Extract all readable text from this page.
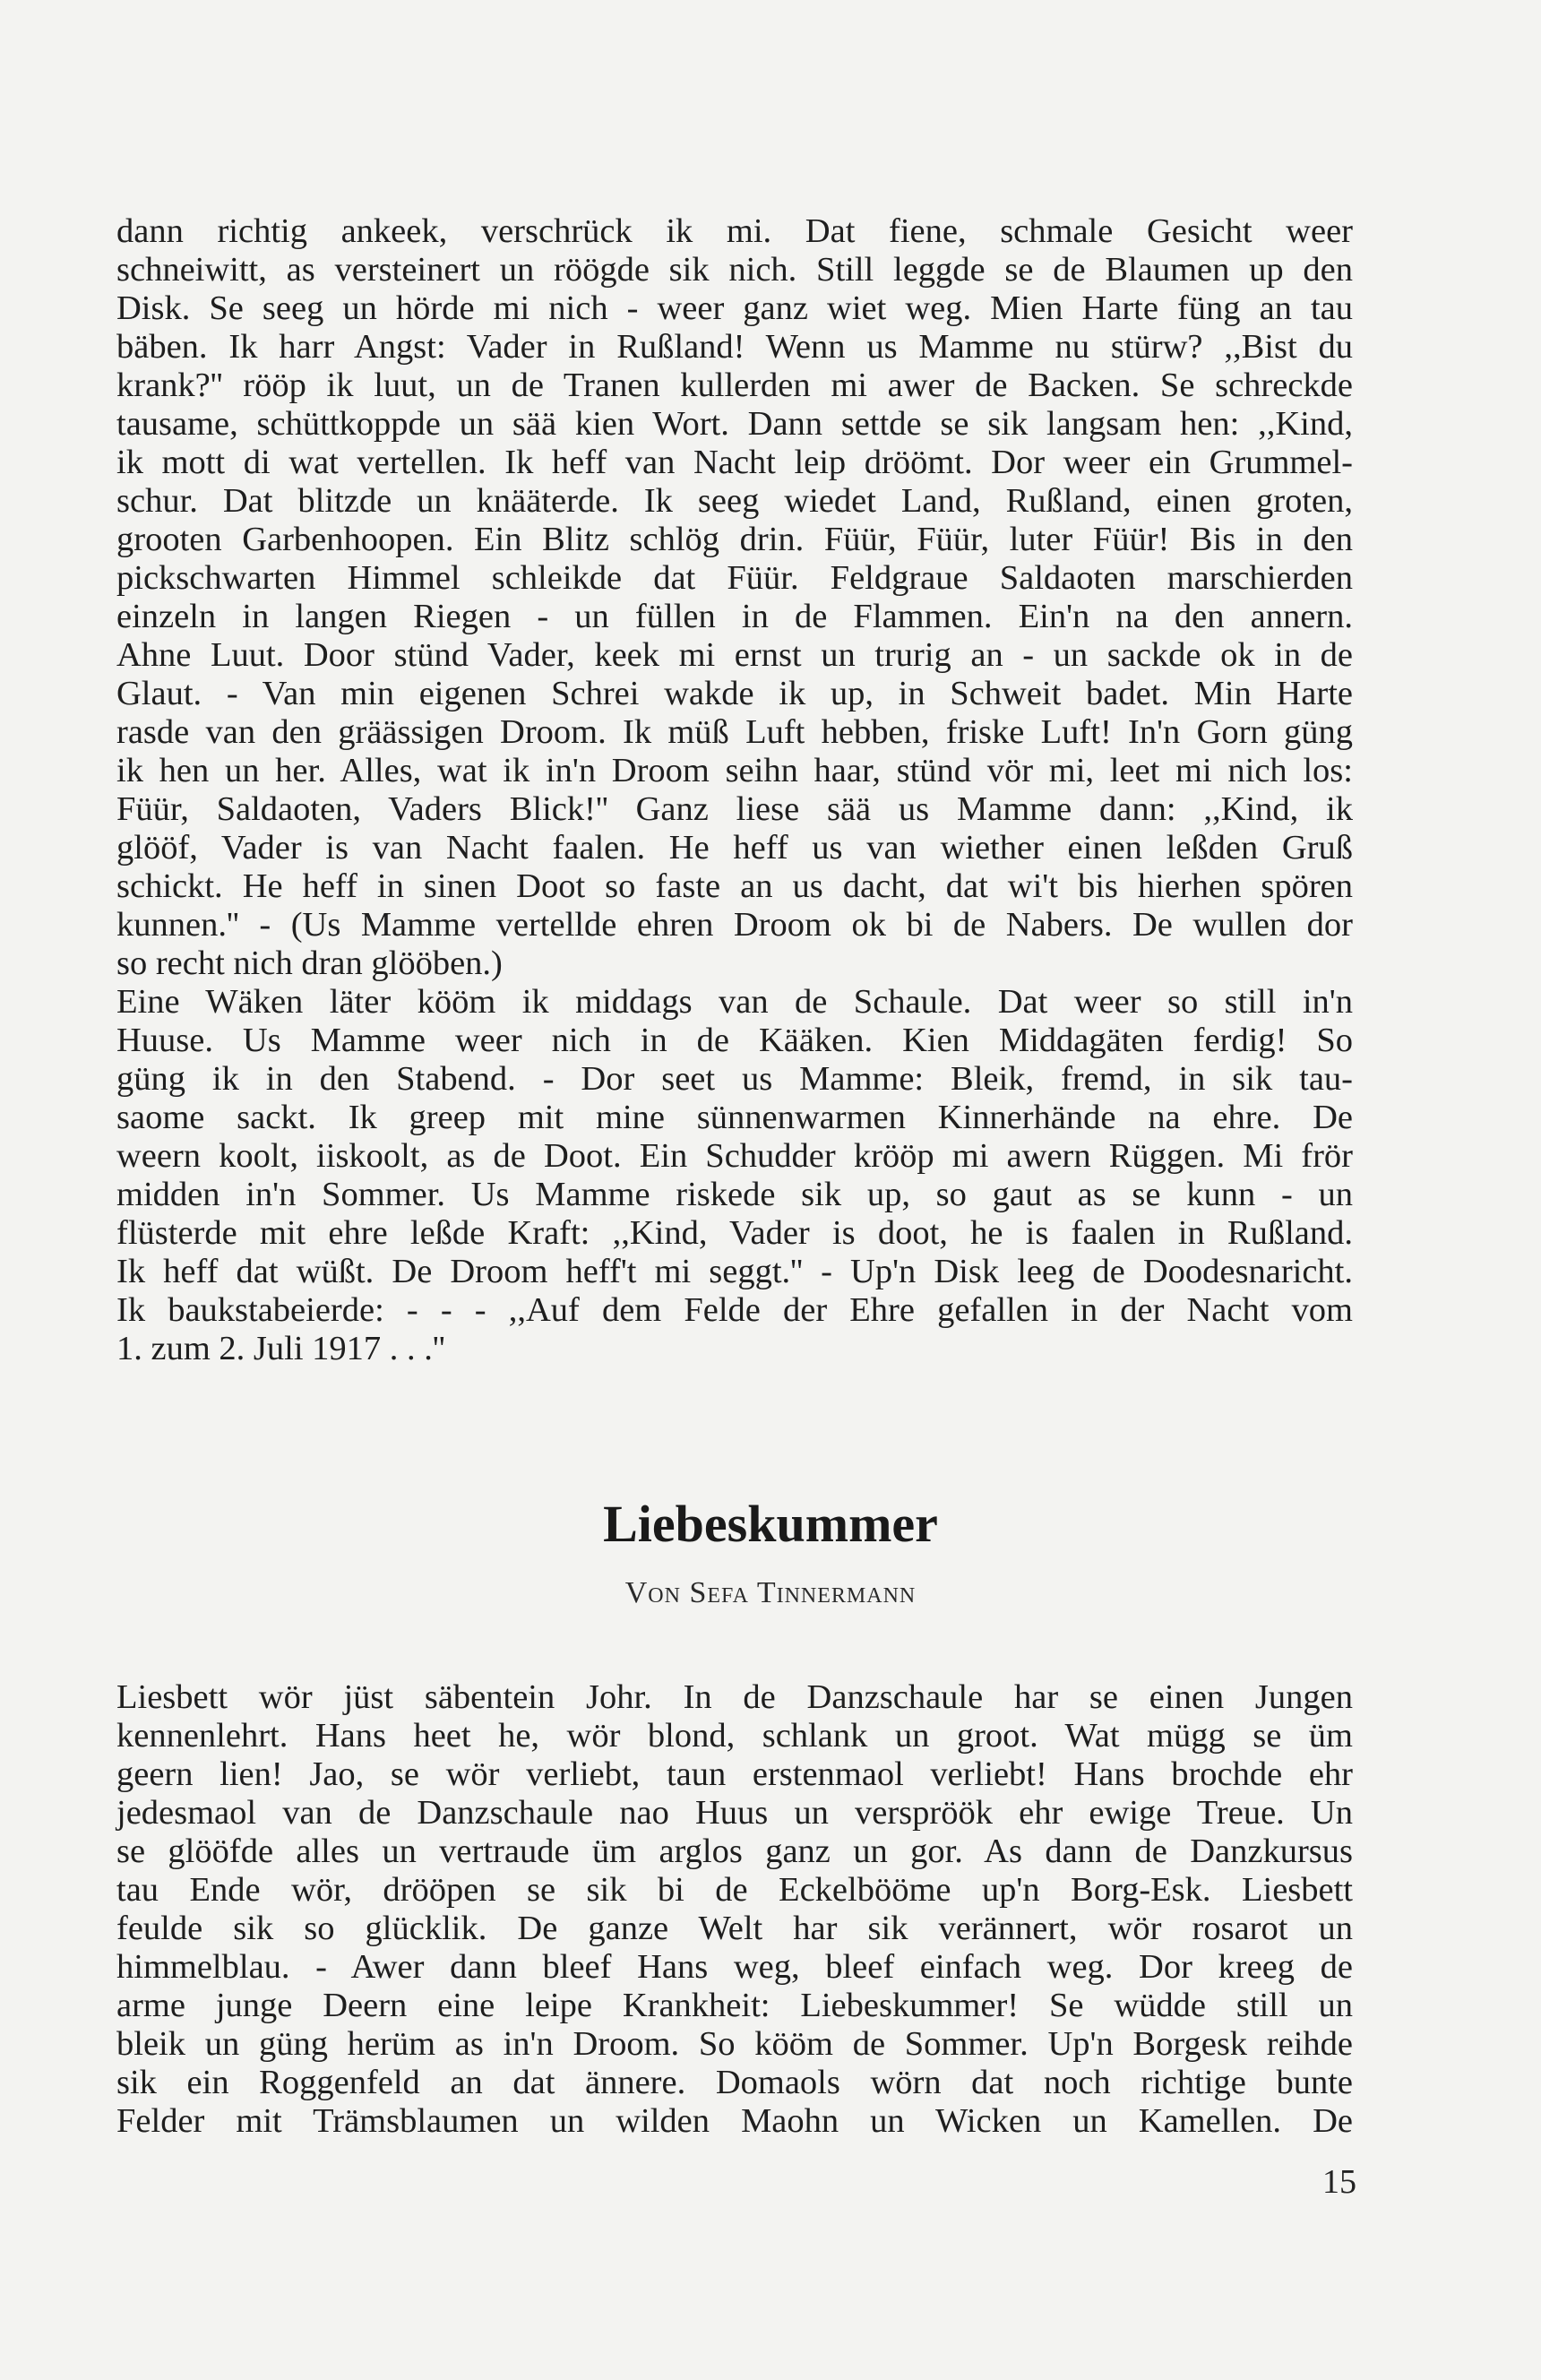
dann richtig ankeek, verschrück ik mi. Dat fiene, schmale Gesicht weer
schneiwitt, as versteinert un röögde sik nich. Still leggde se de Blaumen up den
Disk. Se seeg un hörde mi nich - weer ganz wiet weg. Mien Harte füng an tau
bäben. Ik harr Angst: Vader in Rußland! Wenn us Mamme nu stürw? ,,Bist du
krank?'' rööp ik luut, un de Tranen kullerden mi awer de Backen. Se schreckde
tausame, schüttkoppde un sää kien Wort. Dann settde se sik langsam hen: ,,Kind,
ik mott di wat vertellen. Ik heff van Nacht leip dröömt. Dor weer ein Grummel-
schur. Dat blitzde un knääterde. Ik seeg wiedet Land, Rußland, einen groten,
grooten Garbenhoopen. Ein Blitz schlög drin. Füür, Füür, luter Füür! Bis in den
pickschwarten Himmel schleikde dat Füür. Feldgraue Saldaoten marschierden
einzeln in langen Riegen - un füllen in de Flammen. Ein'n na den annern.
Ahne Luut. Door stünd Vader, keek mi ernst un trurig an - un sackde ok in de
Glaut. - Van min eigenen Schrei wakde ik up, in Schweit badet. Min Harte
rasde van den gräässigen Droom. Ik müß Luft hebben, friske Luft! In'n Gorn güng
ik hen un her. Alles, wat ik in'n Droom seihn haar, stünd vör mi, leet mi nich los:
Füür, Saldaoten, Vaders Blick!'' Ganz liese sää us Mamme dann: ,,Kind, ik
glööf, Vader is van Nacht faalen. He heff us van wiether einen leßden Gruß
schickt. He heff in sinen Doot so faste an us dacht, dat wi't bis hierhen spören
kunnen.'' - (Us Mamme vertellde ehren Droom ok bi de Nabers. De wullen dor
so recht nich dran glööben.)
Eine Wäken läter kööm ik middags van de Schaule. Dat weer so still in'n
Huuse. Us Mamme weer nich in de Kääken. Kien Middagäten ferdig! So
güng ik in den Stabend. - Dor seet us Mamme: Bleik, fremd, in sik tau-
saome sackt. Ik greep mit mine sünnenwarmen Kinnerhände na ehre. De
weern koolt, iiskoolt, as de Doot. Ein Schudder krööp mi awern Rüggen. Mi frör
midden in'n Sommer. Us Mamme riskede sik up, so gaut as se kunn - un
flüsterde mit ehre leßde Kraft: ,,Kind, Vader is doot, he is faalen in Rußland.
Ik heff dat wüßt. De Droom heff't mi seggt.'' - Up'n Disk leeg de Doodesnaricht.
Ik baukstabeierde: - - - ,,Auf dem Felde der Ehre gefallen in der Nacht vom
1. zum 2. Juli 1917 . . .''
Liebeskummer
Von Sefa Tinnermann
Liesbett wör jüst säbentein Johr. In de Danzschaule har se einen Jungen
kennenlehrt. Hans heet he, wör blond, schlank un groot. Wat mügg se üm
geern lien! Jao, se wör verliebt, taun erstenmaol verliebt! Hans brochde ehr
jedesmaol van de Danzschaule nao Huus un verspröök ehr ewige Treue. Un
se glööfde alles un vertraude üm arglos ganz un gor. As dann de Danzkursus
tau Ende wör, drööpen se sik bi de Eckelbööme up'n Borg-Esk. Liesbett
feulde sik so glücklik. De ganze Welt har sik verännert, wör rosarot un
himmelblau. - Awer dann bleef Hans weg, bleef einfach weg. Dor kreeg de
arme junge Deern eine leipe Krankheit: Liebeskummer! Se wüdde still un
bleik un güng herüm as in'n Droom. So kööm de Sommer. Up'n Borgesk reihde
sik ein Roggenfeld an dat ännere. Domaols wörn dat noch richtige bunte
Felder mit Trämsblaumen un wilden Maohn un Wicken un Kamellen. De
15
